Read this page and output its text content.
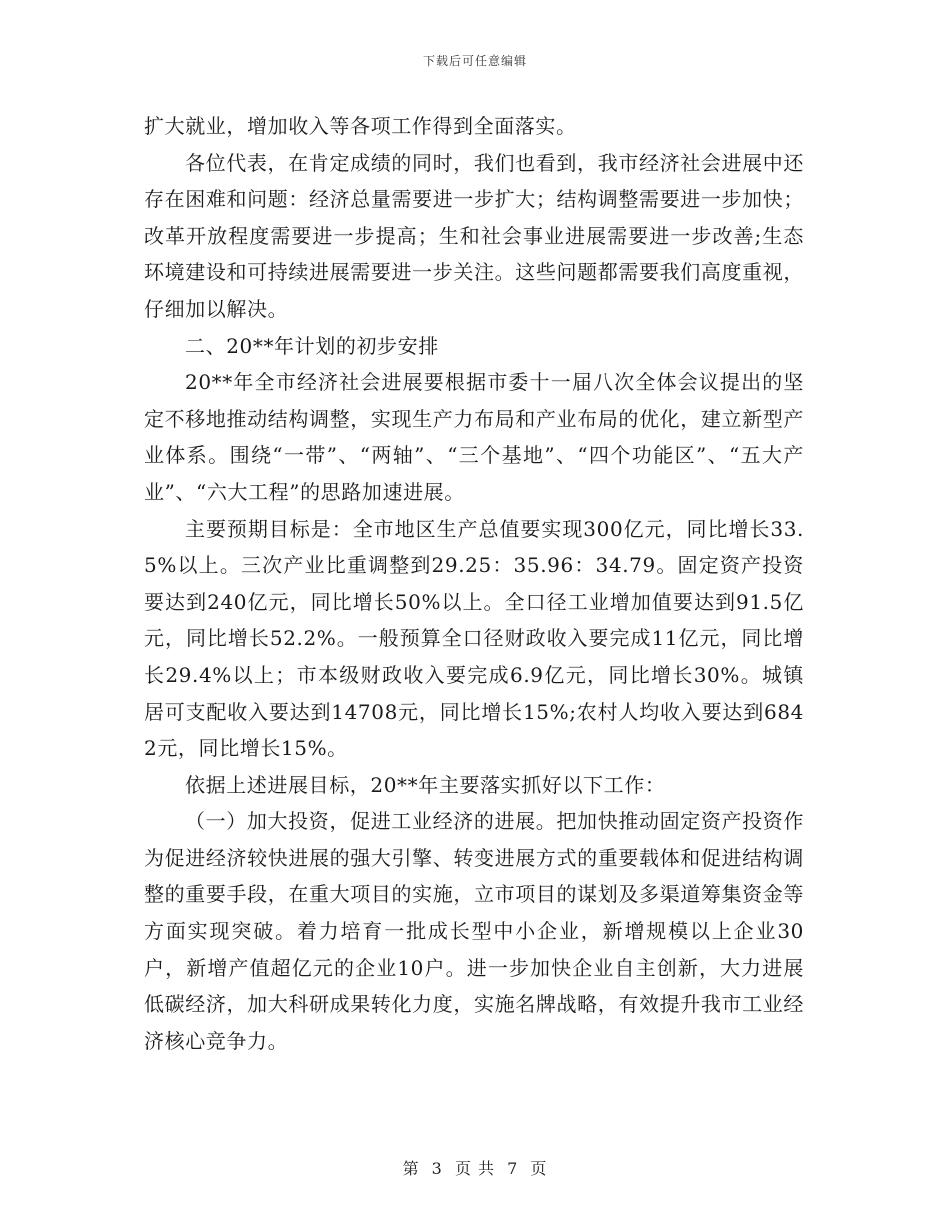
下载后可任意编辑

扩大就业，增加收入等各项工作得到全面落实。

各位代表，在肯定成绩的同时，我们也看到，我市经济社会进展中还存在困难和问题：经济总量需要进一步扩大；结构调整需要进一步加快；改革开放程度需要进一步提高；生和社会事业进展需要进一步改善;生态环境建设和可持续进展需要进一步关注。这些问题都需要我们高度重视，仔细加以解决。

二、20**年计划的初步安排

20**年全市经济社会进展要根据市委十一届八次全体会议提出的坚定不移地推动结构调整，实现生产力布局和产业布局的优化，建立新型产业体系。围绕“一带”、“两轴”、“三个基地”、“四个功能区”、“五大产业”、“六大工程”的思路加速进展。

主要预期目标是：全市地区生产总值要实现300亿元，同比增长33.5%以上。三次产业比重调整到29.25：35.96：34.79。固定资产投资要达到240亿元，同比增长50%以上。全口径工业增加值要达到91.5亿元，同比增长52.2%。一般预算全口径财政收入要完成11亿元，同比增长29.4%以上；市本级财政收入要完成6.9亿元，同比增长30%。城镇居可支配收入要达到14708元，同比增长15%;农村人均收入要达到6842元，同比增长15%。

依据上述进展目标，20**年主要落实抓好以下工作：

（一）加大投资，促进工业经济的进展。把加快推动固定资产投资作为促进经济较快进展的强大引擎、转变进展方式的重要载体和促进结构调整的重要手段，在重大项目的实施，立市项目的谋划及多渠道筹集资金等方面实现突破。着力培育一批成长型中小企业，新增规模以上企业30户，新增产值超亿元的企业10户。进一步加快企业自主创新，大力进展低碳经济，加大科研成果转化力度，实施名牌战略，有效提升我市工业经济核心竞争力。

第 3 页 共 7 页
